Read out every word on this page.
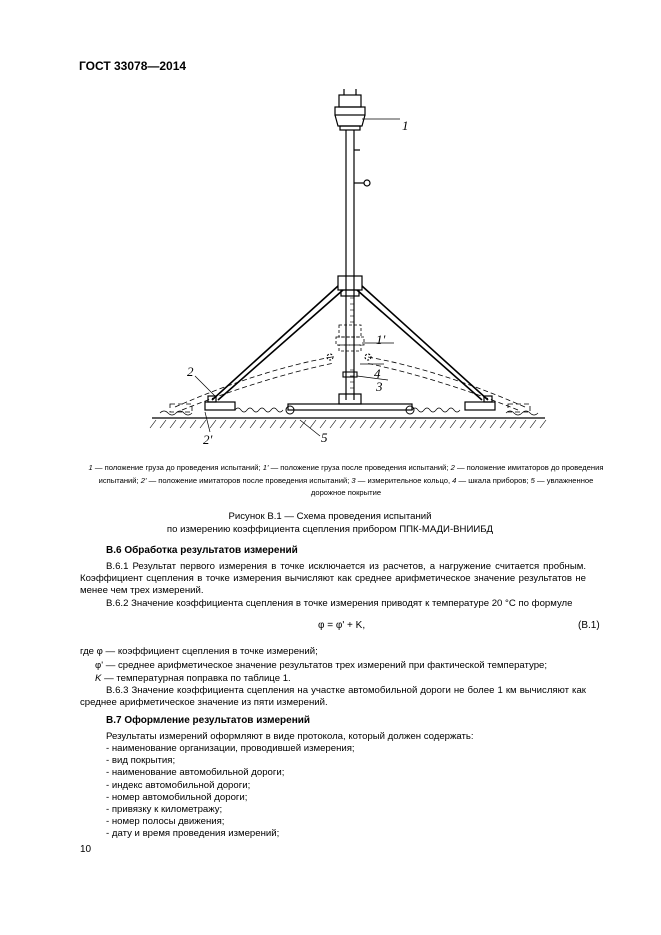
ГОСТ 33078—2014
1
1'
4
3
2
2'	5
1 — положение груза до проведения испытаний; 1' — положение груза после проведения испытаний; 2 — положение имитаторов до проведения испытаний; 2' — положение имитаторов после проведения испытаний; 3 — измерительное кольцо, 4 — шкала приборов; 5 — увлажненное дорожное покрытие
Рисунок В.1 — Схема проведения испытаний
по измерению коэффициента сцепления прибором ППК-МАДИ-ВНИИБД
В.6 Обработка результатов измерений
В.6.1 Результат первого измерения в точке исключается из расчетов, а нагружение считается пробным. Коэффициент сцепления в точке измерения вычисляют как среднее арифметическое значение результатов не менее чем трех измерений.
В.6.2 Значение коэффициента сцепления в точке измерения приводят к температуре 20 °С по формуле
φ = φ' + K,	(В.1)
где φ — коэффициент сцепления в точке измерений;
φ' — среднее арифметическое значение результатов трех измерений при фактической температуре;
K — температурная поправка по таблице 1.
В.6.3 Значение коэффициента сцепления на участке автомобильной дороги не более 1 км вычисляют как среднее арифметическое значение из пяти измерений.
В.7 Оформление результатов измерений
Результаты измерений оформляют в виде протокола, который должен содержать:
- наименование организации, проводившей измерения;
- вид покрытия;
- наименование автомобильной дороги;
- индекс автомобильной дороги;
- номер автомобильной дороги;
- привязку к километражу;
- номер полосы движения;
- дату и время проведения измерений;
10
